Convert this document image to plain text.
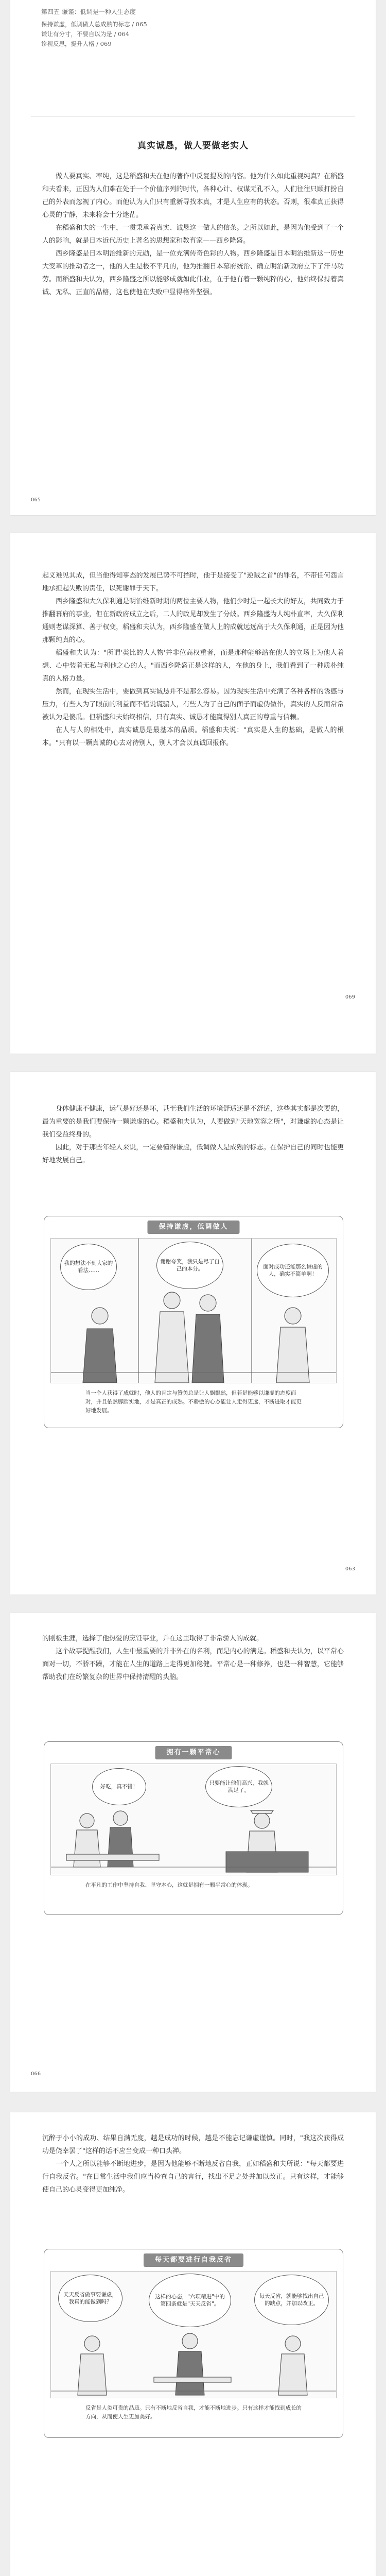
第四五 谦谨：低调是一种人生态度
保持谦虚，低调做人总成熟的标志 / 065
谦让有分寸，不要自以为是 / 064
诊视反思，提升人格 / 069
真实诚恳，做人要做老实人

做人要真实、率纯，这是稻盛和夫在他的著作中反复提及的内容。他为什么如此重视纯真？在稻盛和夫看来，正因为人们难在处于一个价值序列的时代，各种心计、权谋无孔不入，人们往往只顾打扮自己的外表而忽视了内心。而他认为人们只有重新寻找本真，才是人生应有的状态。否则，很难真正获得心灵的宁静，未来将会十分迷茫。

在稻盛和夫的一生中，一贯秉承着真实、诚恳这一做人的信条。之所以如此，是因为他受到了一个人的影响，就是日本近代历史上著名的思想家和教育家——西乡隆盛。

西乡隆盛是日本明治维新的元勋，是一位充满传奇色彩的人物。西乡隆盛是日本明治维新这一历史大变革的推动者之一，他的人生是极不平凡的，他为推翻日本幕府统治、确立明治新政府立下了汗马功劳。而稻盛和夫认为，西乡隆盛之所以能够成就如此伟业，在于他有着一颗纯粹的心，他始终保持着真诚、无私、正直的品格，这也使他在失败中显得格外坚强。

065

起义难见其成，但当他得知事态的发展已势不可挡时，他于是接受了"逆贼之首"的罪名，不带任何怨言地承担起失败的责任，以死谢罪于天下。

西乡隆盛和大久保利通是明治维新时期的两位主要人物，他们少时是一起长大的好友，共同致力于推翻幕府的事业，但在新政府成立之后，二人的政见却发生了分歧。西乡隆盛为人纯朴直率，大久保利通则老谋深算、善于权变，稻盛和夫认为，西乡隆盛在做人上的成就远远高于大久保利通，正是因为他那颗纯真的心。

稻盛和夫认为："所谓'类比的大人物'并非位高权重者，而是那种能够站在他人的立场上为他人着想、心中装着无私与利他之心的人。"而西乡隆盛正是这样的人，在他的身上，我们看到了一种质朴纯真的人格力量。

然而，在现实生活中，要做到真实诚恳并不是那么容易。因为现实生活中充满了各种各样的诱惑与压力，有些人为了眼前的利益而不惜说谎骗人，有些人为了自己的面子而虚伪做作，真实的人反而常常被认为是傻瓜。但稻盛和夫始终相信，只有真实、诚恳才能赢得别人真正的尊重与信赖。

在人与人的相处中，真实诚恳是最基本的品质。稻盛和夫说："真实是人生的基础，是做人的根本。"只有以一颗真诚的心去对待别人，别人才会以真诚回报你。

069

身体健康不健康，运气是好还是坏，甚至我们生活的环境舒适还是不舒适，这些其实都是次要的，最为重要的是我们要保持一颗谦虚的心。稻盛和夫认为，人要做到"天地宽容之所"，对谦虚的心态是让我们受益终身的。

因此，对于那些年轻人来说，一定要懂得谦虚，低调做人是成熟的标志。在保护自己的同时也能更好地发展自己。

保持谦虚，低调做人
我的想法不到大家的看法……
谢谢夸奖，我只是尽了自己的本分。	面对成功还能那么谦虚的人，确实不简单啊！
当一个人获得了成就时，他人的肯定与赞美总是让人飘飘然，但若是能够以谦虚的态度面对，并且依然脚踏实地，才是真正的成熟。不骄傲的心态能让人走得更远，不断进取才能更好地发展。
063

的刚板生涯，选择了他热爱的烹饪事业，并在这里取得了非常骄人的成就。

这个故事提醒我们，人生中最重要的并非外在的名利，而是内心的满足。稻盛和夫认为，以平常心面对一切，不骄不躁，才能在人生的道路上走得更加稳健。平常心是一种修养，也是一种智慧，它能够帮助我们在纷繁复杂的世界中保持清醒的头脑。

拥有一颗平常心
好吃，真不错！
只要能让他们高兴，我就满足了。
在平凡的工作中坚持自我、坚守本心，这就是拥有一颗平常心的体现。
066

沉醉于小小的成功、结果自满无度，越是成功的时候，越是不能忘记谦虚谨慎。同时，"我这次获得成功是侥幸罢了"这样的话不应当变成一种口头禅。

一个人之所以能够不断地进步，是因为他能够不断地反省自我，正如稻盛和夫所说："每天都要进行自我反省。"在日常生活中我们应当检查自己的言行，找出不足之处并加以改正。只有这样，才能够使自己的心灵变得更加纯净。

每天都要进行自我反省
天天反省做事要谦虚，我真的能做到吗？
这样的心态，"六项精进"中的第四条就是"天天反省"。
每天反省，就能够找出自己的缺点，并加以改正。
反省是人类可贵的品质。只有不断地反省自我，才能不断地进步。只有这样才能找到成长的方向，从而使人生更加美好。
